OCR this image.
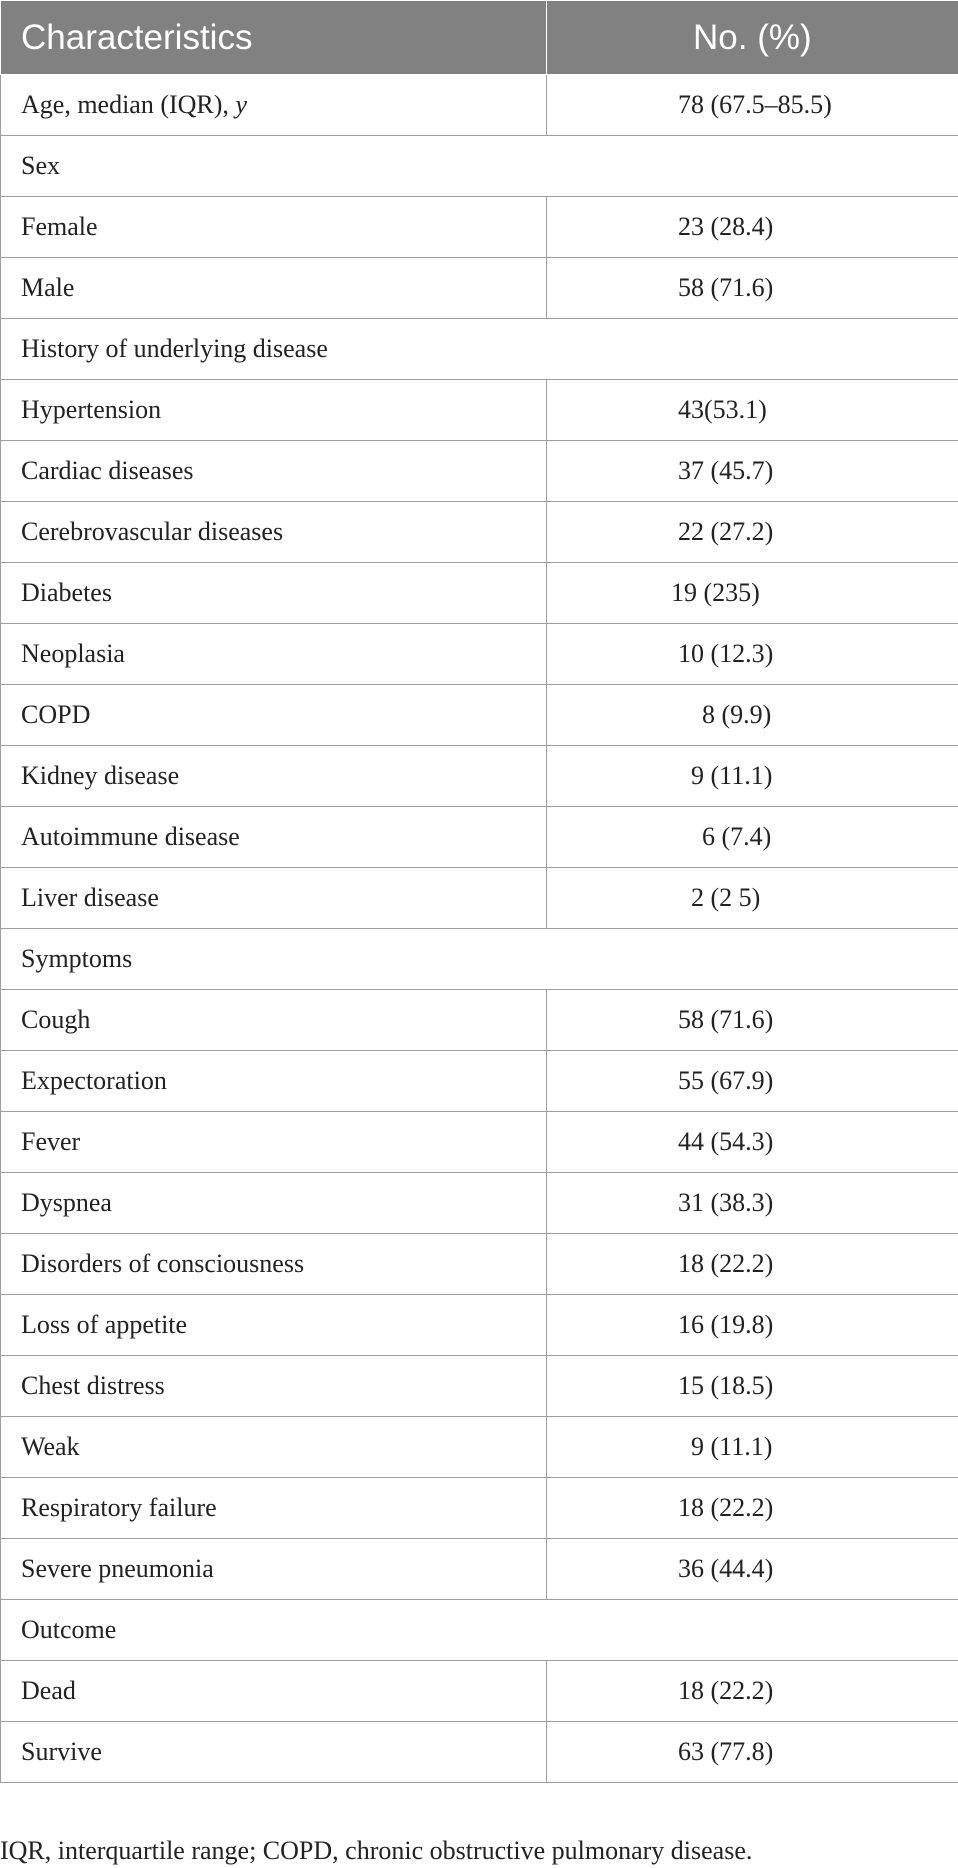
Characteristics	No. (%)
Age, median (IQR), y	78 (67.5–85.5)
Sex	
Female	23 (28.4)
Male	58 (71.6)
History of underlying disease	
Hypertension	43(53.1)
Cardiac diseases	37 (45.7)
Cerebrovascular diseases	22 (27.2)
Diabetes	19 (235)
Neoplasia	10 (12.3)
COPD	8 (9.9)
Kidney disease	9 (11.1)
Autoimmune disease	6 (7.4)
Liver disease	2 (2 5)
Symptoms	
Cough	58 (71.6)
Expectoration	55 (67.9)
Fever	44 (54.3)
Dyspnea	31 (38.3)
Disorders of consciousness	18 (22.2)
Loss of appetite	16 (19.8)
Chest distress	15 (18.5)
Weak	9 (11.1)
Respiratory failure	18 (22.2)
Severe pneumonia	36 (44.4)
Outcome	
Dead	18 (22.2)
Survive	63 (77.8)
IQR, interquartile range; COPD, chronic obstructive pulmonary disease.
